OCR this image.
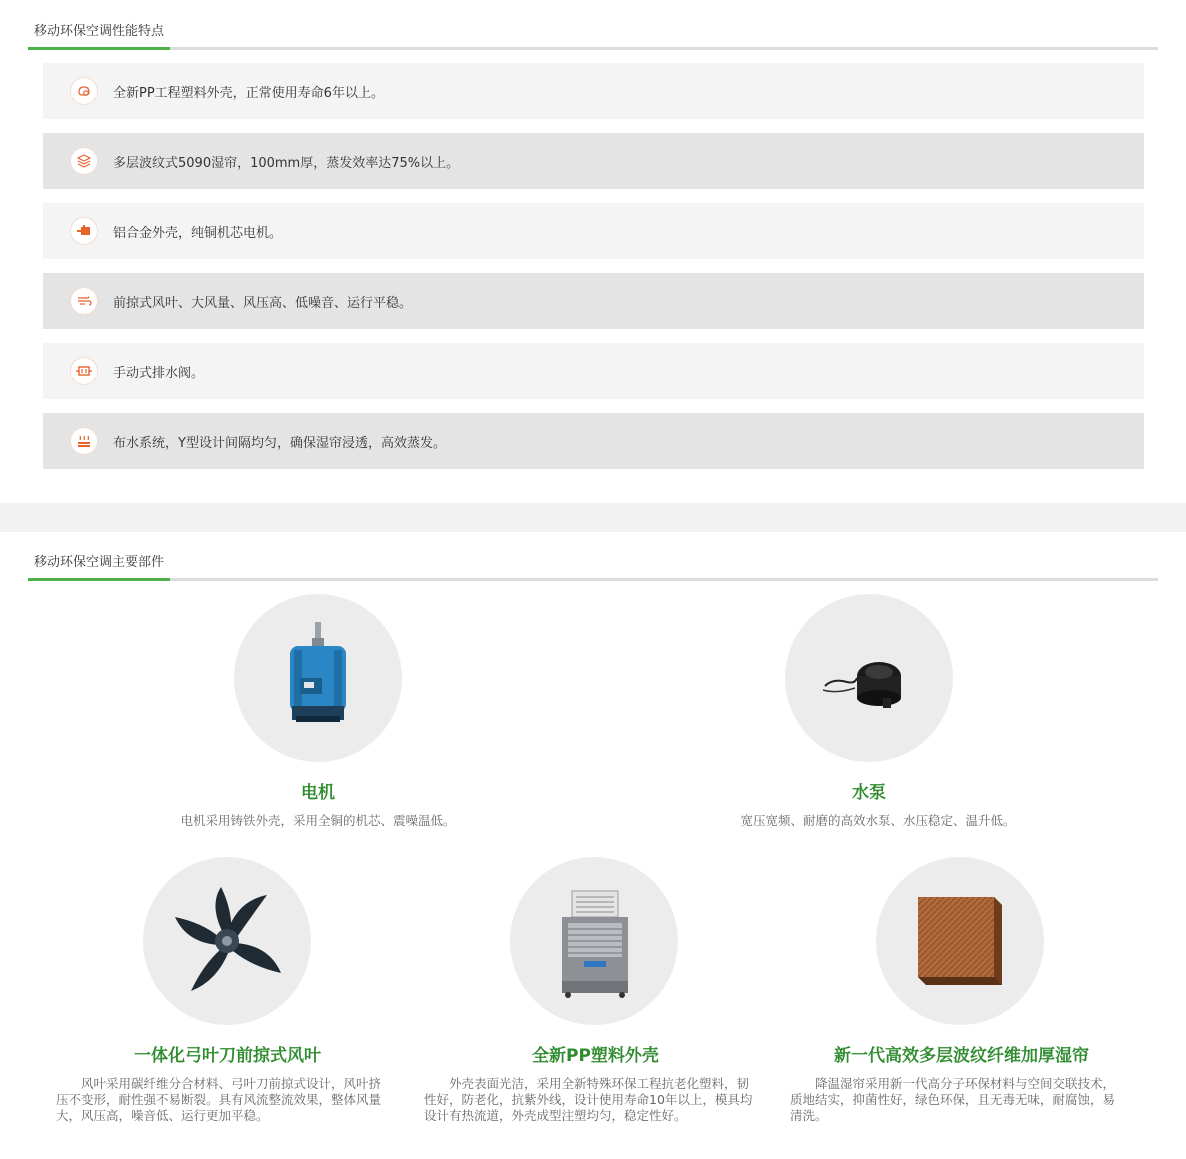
移动环保空调性能特点
全新PP工程塑料外壳，正常使用寿命6年以上。
多层波纹式5090湿帘，100mm厚，蒸发效率达75%以上。
铝合金外壳，纯铜机芯电机。
前掠式风叶、大风量、风压高、低噪音、运行平稳。
手动式排水阀。
布水系统，Y型设计间隔均匀，确保湿帘浸透，高效蒸发。
移动环保空调主要部件
电机
电机采用铸铁外壳，采用全铜的机芯、震噪温低。
水泵
宽压宽频、耐磨的高效水泵、水压稳定、温升低。
一体化弓叶刀前掠式风叶
风叶采用碳纤维分合材料、弓叶刀前掠式设计，风叶挤压不变形，耐性强不易断裂。具有风流整流效果，整体风量大，风压高，噪音低、运行更加平稳。
全新PP塑料外壳
外壳表面光洁，采用全新特殊环保工程抗老化塑料，韧性好，防老化，抗紫外线，设计使用寿命10年以上，模具均设计有热流道，外壳成型注塑均匀，稳定性好。
新一代高效多层波纹纤维加厚湿帘
降温湿帘采用新一代高分子环保材料与空间交联技术，质地结实，抑菌性好，绿色环保，且无毒无味，耐腐蚀，易清洗。
